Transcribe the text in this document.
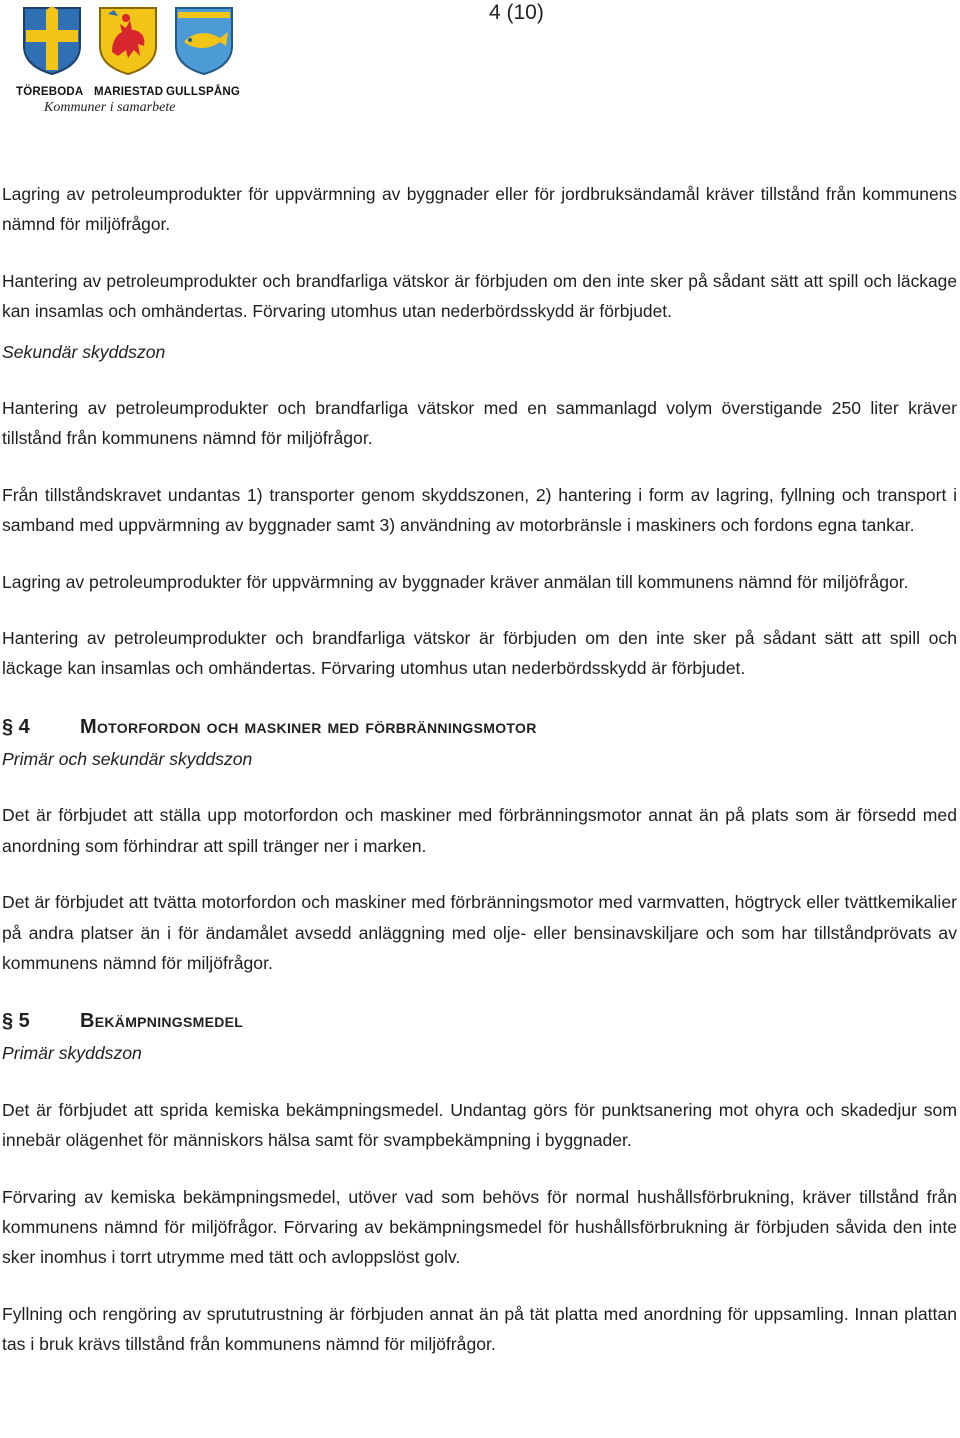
4 (10)
TÖREBODA MARIESTAD GULLSPÅNG
Kommuner i samarbete

Lagring av petroleumprodukter för uppvärmning av byggnader eller för jordbruksändamål kräver tillstånd från kommunens nämnd för miljöfrågor.

Hantering av petroleumprodukter och brandfarliga vätskor är förbjuden om den inte sker på sådant sätt att spill och läckage kan insamlas och omhändertas. Förvaring utomhus utan nederbördsskydd är förbjudet.

Sekundär skyddszon

Hantering av petroleumprodukter och brandfarliga vätskor med en sammanlagd volym överstigande 250 liter kräver tillstånd från kommunens nämnd för miljöfrågor.

Från tillståndskravet undantas 1) transporter genom skyddszonen, 2) hantering i form av lagring, fyllning och transport i samband med uppvärmning av byggnader samt 3) användning av motorbränsle i maskiners och fordons egna tankar.

Lagring av petroleumprodukter för uppvärmning av byggnader kräver anmälan till kommunens nämnd för miljöfrågor.

Hantering av petroleumprodukter och brandfarliga vätskor är förbjuden om den inte sker på sådant sätt att spill och läckage kan insamlas och omhändertas. Förvaring utomhus utan nederbördsskydd är förbjudet.

§ 4	Motorfordon och maskiner med förbränningsmotor
Primär och sekundär skyddszon

Det är förbjudet att ställa upp motorfordon och maskiner med förbränningsmotor annat än på plats som är försedd med anordning som förhindrar att spill tränger ner i marken.

Det är förbjudet att tvätta motorfordon och maskiner med förbränningsmotor med varmvatten, högtryck eller tvättkemikalier på andra platser än i för ändamålet avsedd anläggning med olje- eller bensinavskiljare och som har tillståndprövats av kommunens nämnd för miljöfrågor.

§ 5	Bekämpningsmedel
Primär skyddszon

Det är förbjudet att sprida kemiska bekämpningsmedel. Undantag görs för punktsanering mot ohyra och skadedjur som innebär olägenhet för människors hälsa samt för svampbekämpning i byggnader.

Förvaring av kemiska bekämpningsmedel, utöver vad som behövs för normal hushållsförbrukning, kräver tillstånd från kommunens nämnd för miljöfrågor. Förvaring av bekämpningsmedel för hushållsförbrukning är förbjuden såvida den inte sker inomhus i torrt utrymme med tätt och avloppslöst golv.

Fyllning och rengöring av sprututrustning är förbjuden annat än på tät platta med anordning för uppsamling. Innan plattan tas i bruk krävs tillstånd från kommunens nämnd för miljöfrågor.
